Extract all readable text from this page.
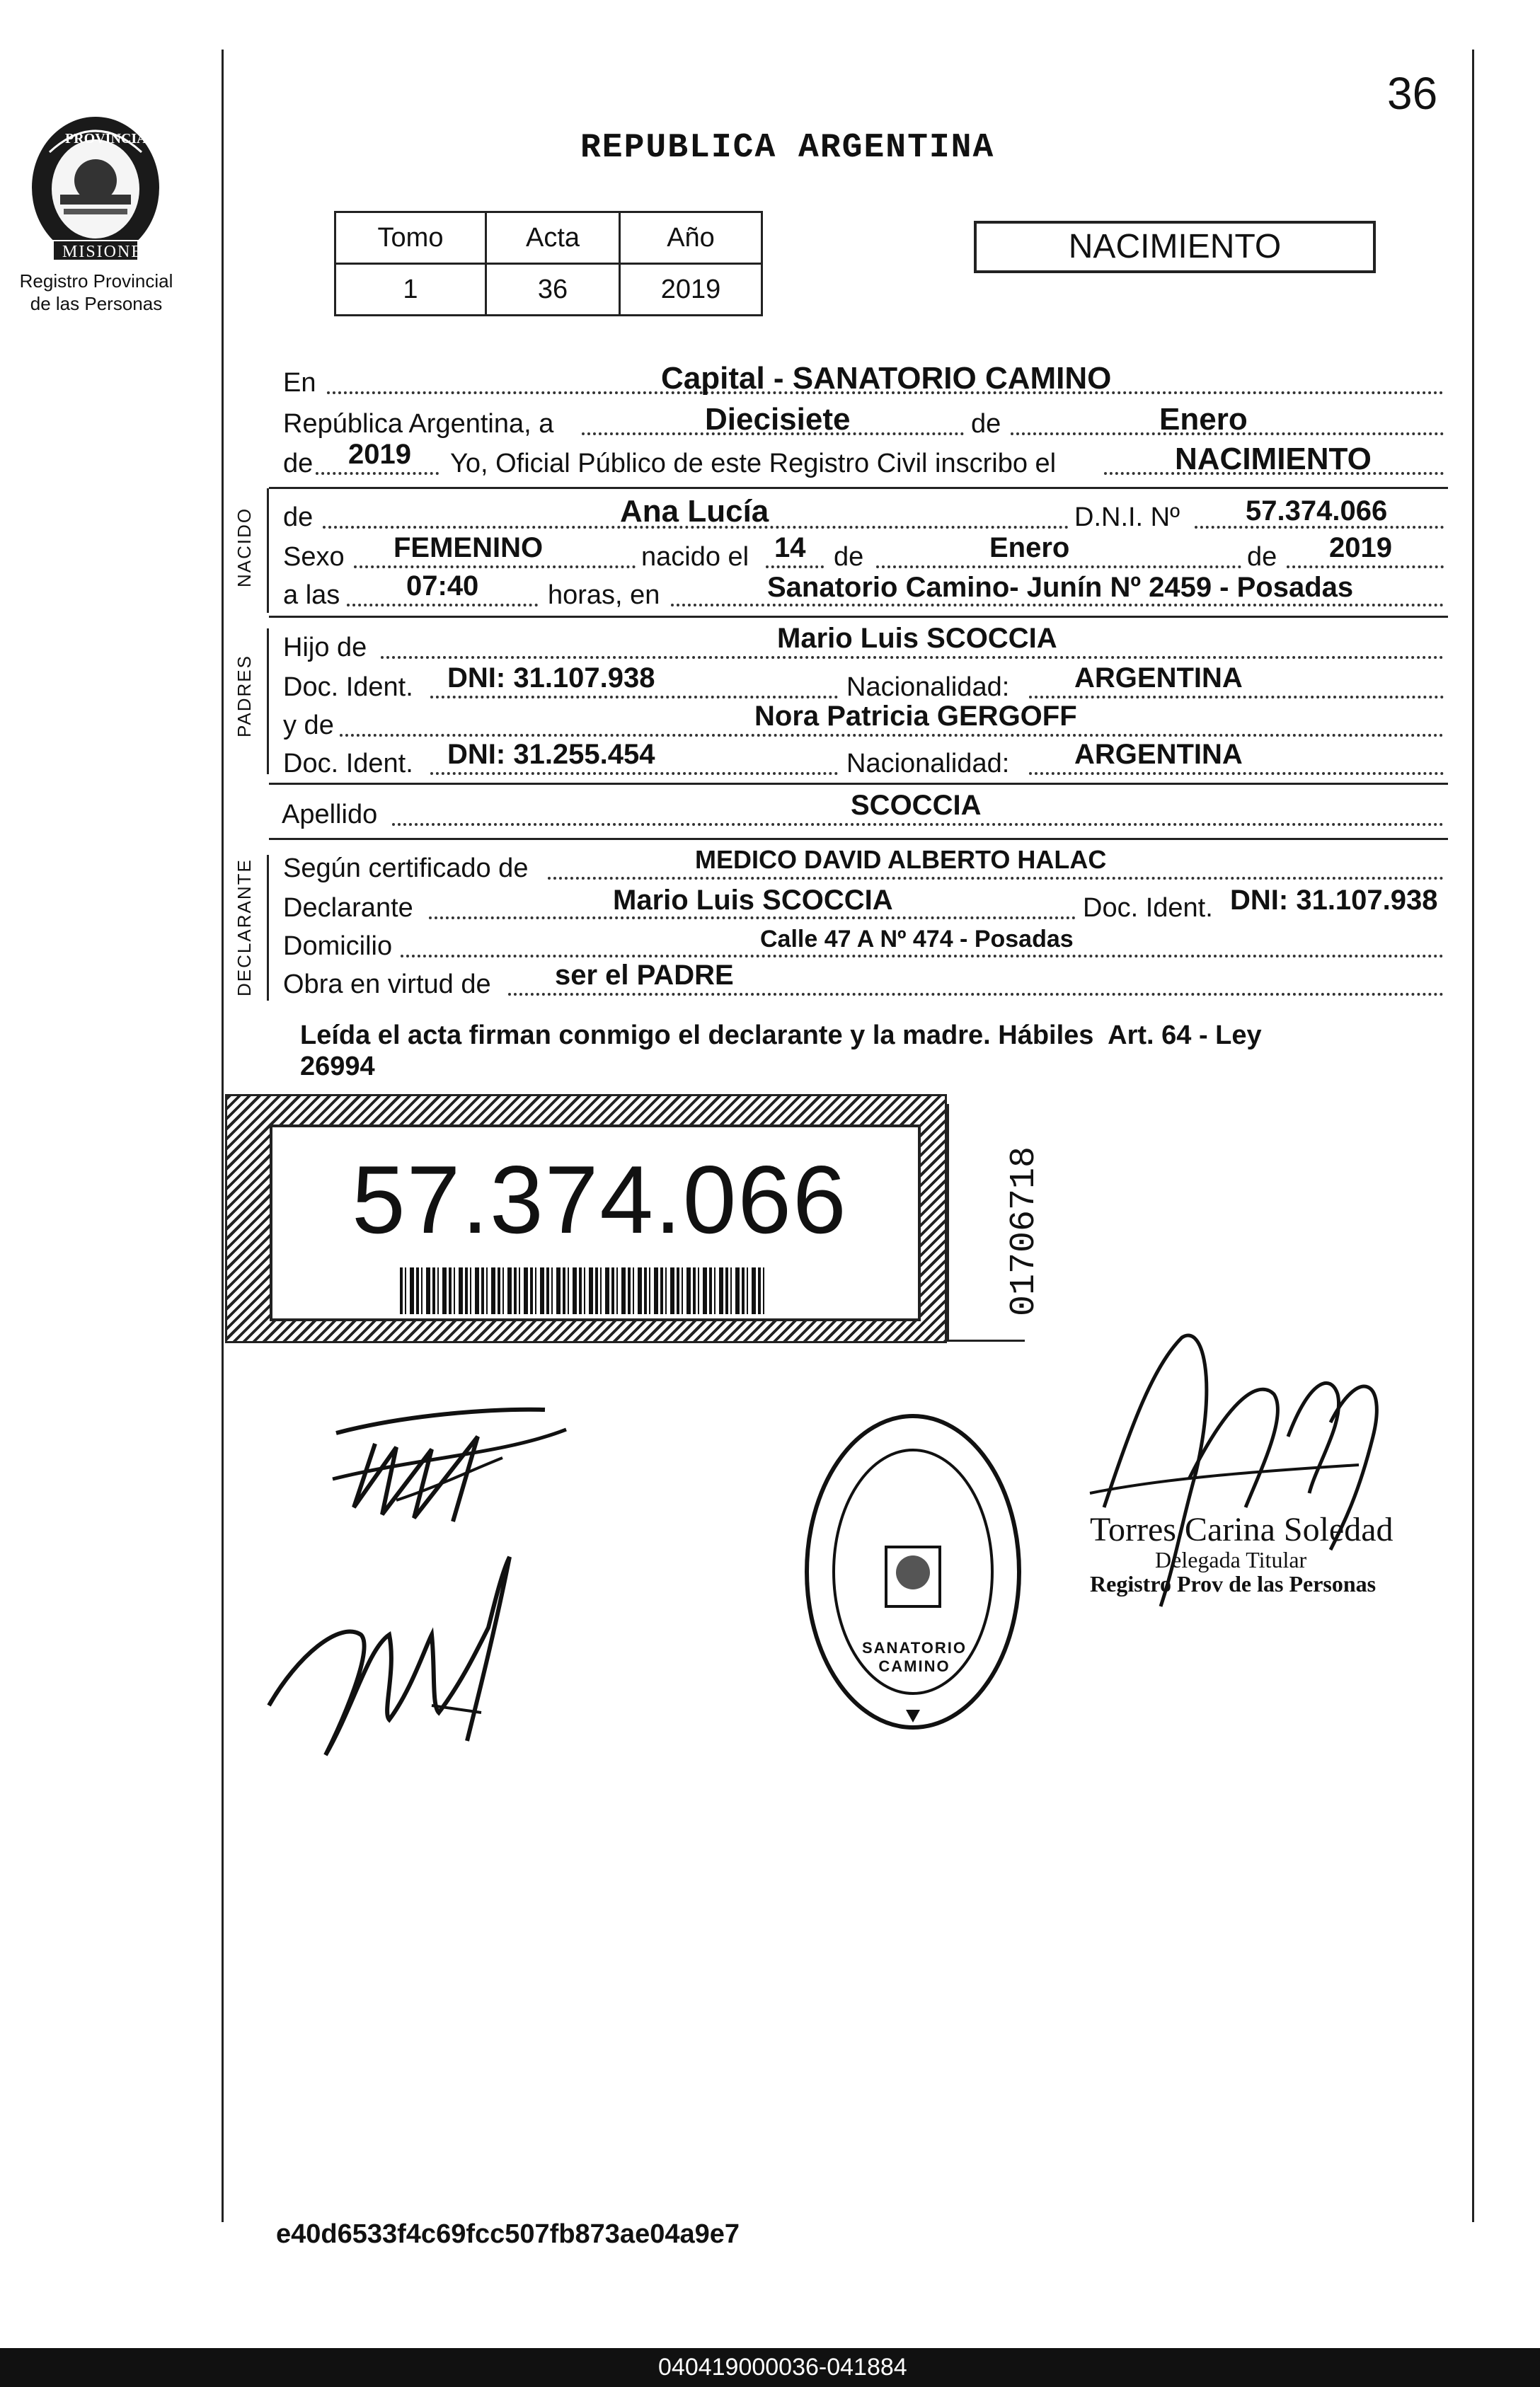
36
PROVINCIA DE
MISIONES
Registro Provincial
de las Personas
REPUBLICA ARGENTINA
Tomo	Acta	Año
1	36	2019
NACIMIENTO
En	Capital - SANATORIO CAMINO
República Argentina, a	Diecisiete	de	Enero
de 2019 Yo, Oficial Público de este Registro Civil inscribo el	NACIMIENTO
NACIDO de	Ana Lucía	D.N.I. Nº 57.374.066
Sexo FEMENINO	nacido el 14 de	Enero	de 2019
a las 07:40	horas, en	Sanatorio Camino- Junín Nº 2459 - Posadas
PADRES
Hijo de	Mario Luis SCOCCIA
Doc. Ident. DNI: 31.107.938	Nacionalidad: ARGENTINA
y de	Nora Patricia GERGOFF
Doc. Ident. DNI: 31.255.454	Nacionalidad: ARGENTINA
Apellido	SCOCCIA
DECLARANTE Según certificado de	MEDICO DAVID ALBERTO HALAC
Declarante	Mario Luis SCOCCIA	Doc. Ident. DNI: 31.107.938
Domicilio	Calle 47 A Nº 474 - Posadas
Obra en virtud de ser el PADRE
Leída el acta firman conmigo el declarante y la madre. Hábiles  Art. 64 - Ley
26994
57.374.066	01706718
Torres Carina Soledad
Delegada Titular
Registro Prov de las Personas
SANATORIO CAMINO
e40d6533f4c69fcc507fb873ae04a9e7
040419000036-041884
